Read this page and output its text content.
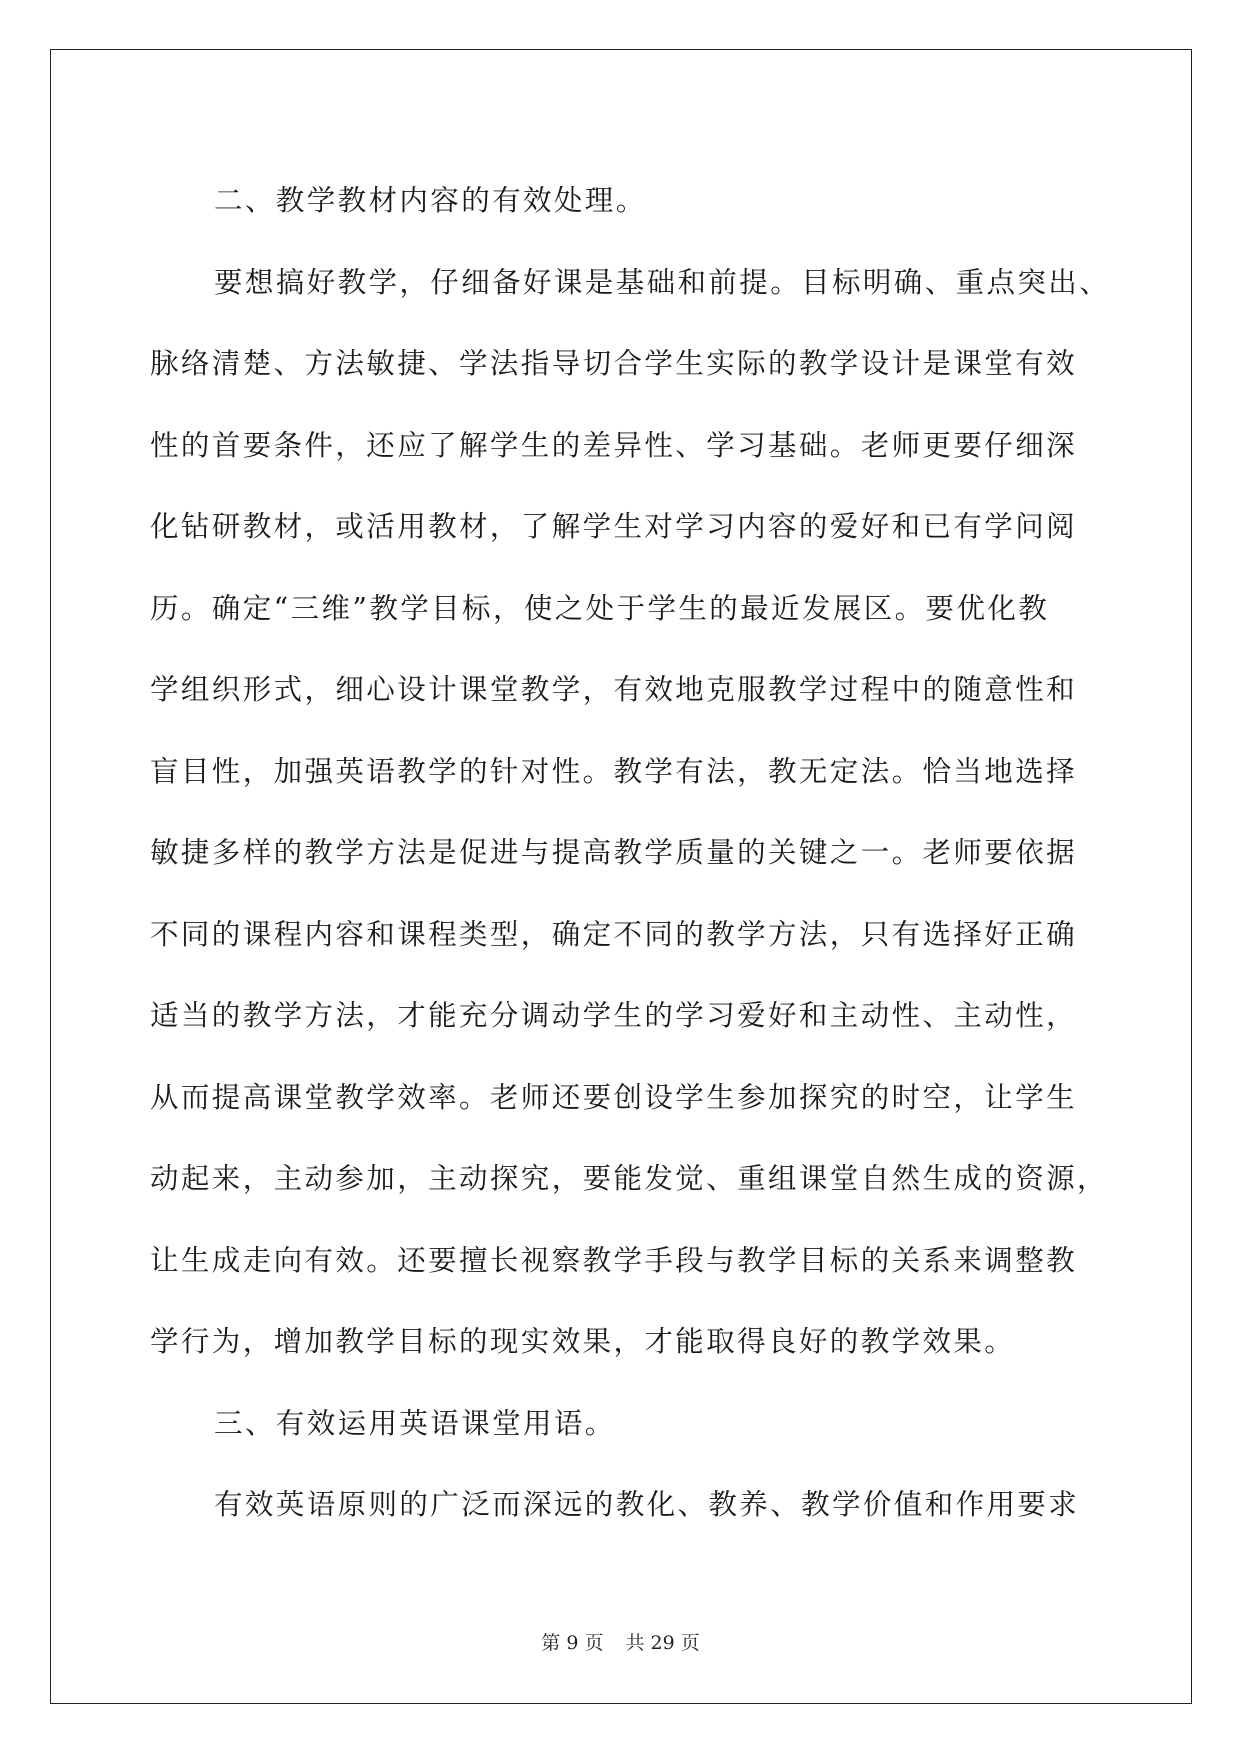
二、教学教材内容的有效处理。

要想搞好教学，仔细备好课是基础和前提。目标明确、重点突出、

脉络清楚、方法敏捷、学法指导切合学生实际的教学设计是课堂有效

性的首要条件，还应了解学生的差异性、学习基础。老师更要仔细深

化钻研教材，或活用教材，了解学生对学习内容的爱好和已有学问阅

历。确定“三维”教学目标，使之处于学生的最近发展区。要优化教

学组织形式，细心设计课堂教学，有效地克服教学过程中的随意性和

盲目性，加强英语教学的针对性。教学有法，教无定法。恰当地选择

敏捷多样的教学方法是促进与提高教学质量的关键之一。老师要依据

不同的课程内容和课程类型，确定不同的教学方法，只有选择好正确

适当的教学方法，才能充分调动学生的学习爱好和主动性、主动性，

从而提高课堂教学效率。老师还要创设学生参加探究的时空，让学生

动起来，主动参加，主动探究，要能发觉、重组课堂自然生成的资源，

让生成走向有效。还要擅长视察教学手段与教学目标的关系来调整教

学行为，增加教学目标的现实效果，才能取得良好的教学效果。

三、有效运用英语课堂用语。

有效英语原则的广泛而深远的教化、教养、教学价值和作用要求

第 9 页 共 29 页
